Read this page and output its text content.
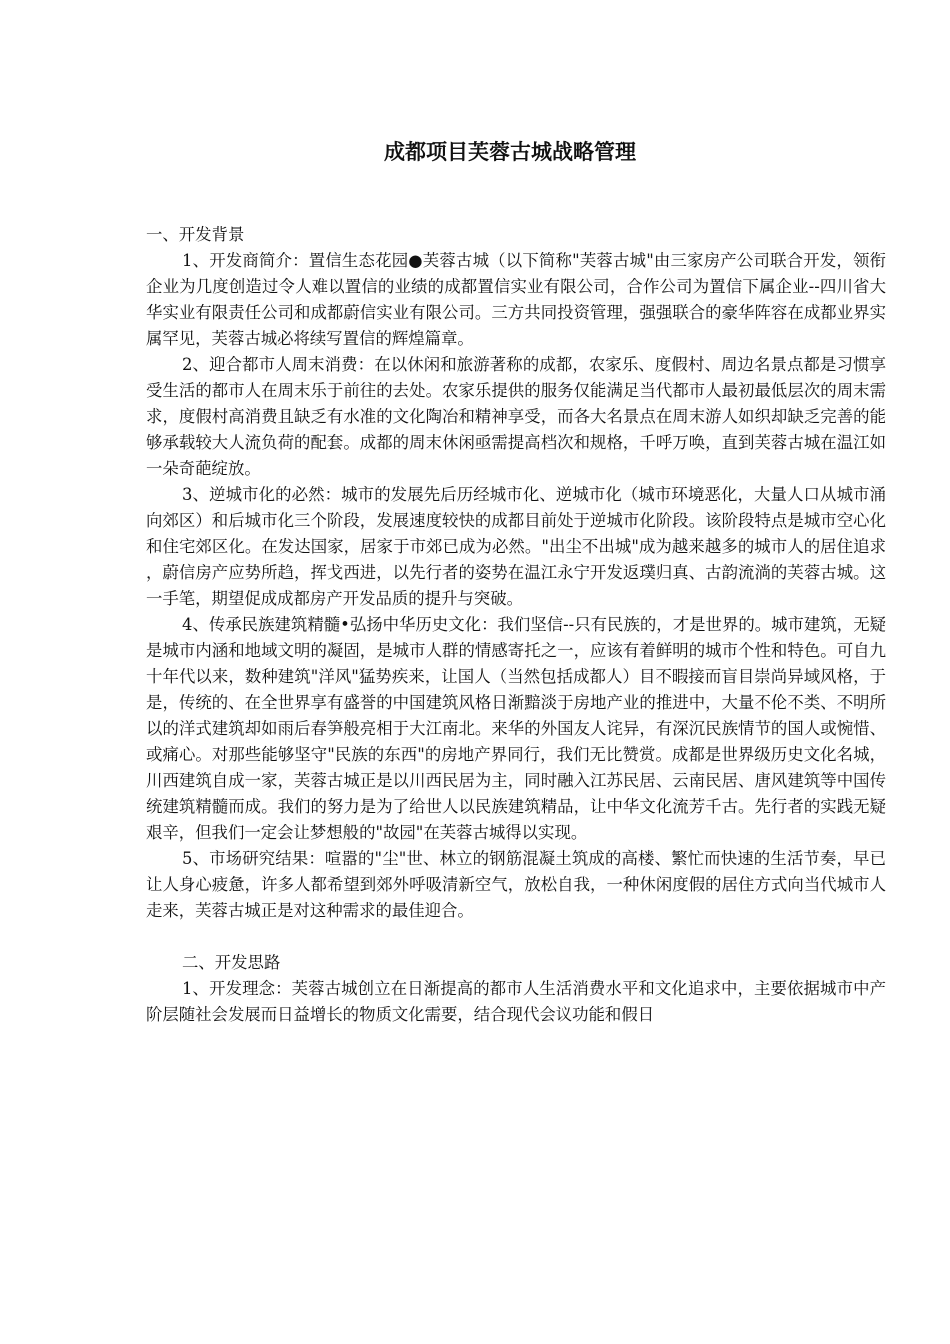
成都项目芙蓉古城战略管理
一、开发背景

1、开发商简介：置信生态花园●芙蓉古城（以下简称"芙蓉古城"由三家房产公司联合开发，领衔企业为几度创造过令人难以置信的业绩的成都置信实业有限公司，合作公司为置信下属企业--四川省大华实业有限责任公司和成都蔚信实业有限公司。三方共同投资管理，强强联合的豪华阵容在成都业界实属罕见，芙蓉古城必将续写置信的辉煌篇章。

2、迎合都市人周末消费：在以休闲和旅游著称的成都，农家乐、度假村、周边名景点都是习惯享受生活的都市人在周末乐于前往的去处。农家乐提供的服务仅能满足当代都市人最初最低层次的周末需求，度假村高消费且缺乏有水准的文化陶冶和精神享受，而各大名景点在周末游人如织却缺乏完善的能够承载较大人流负荷的配套。成都的周末休闲亟需提高档次和规格，千呼万唤，直到芙蓉古城在温江如一朵奇葩绽放。

3、逆城市化的必然：城市的发展先后历经城市化、逆城市化（城市环境恶化，大量人口从城市涌向郊区）和后城市化三个阶段，发展速度较快的成都目前处于逆城市化阶段。该阶段特点是城市空心化和住宅郊区化。在发达国家，居家于市郊已成为必然。"出尘不出城"成为越来越多的城市人的居住追求，蔚信房产应势所趋，挥戈西进，以先行者的姿势在温江永宁开发返璞归真、古韵流淌的芙蓉古城。这一手笔，期望促成成都房产开发品质的提升与突破。

4、传承民族建筑精髓•弘扬中华历史文化：我们坚信--只有民族的，才是世界的。城市建筑，无疑是城市内涵和地域文明的凝固，是城市人群的情感寄托之一，应该有着鲜明的城市个性和特色。可自九十年代以来，数种建筑"洋风"猛势疾来，让国人（当然包括成都人）目不暇接而盲目崇尚异域风格，于是，传统的、在全世界享有盛誉的中国建筑风格日渐黯淡于房地产业的推进中，大量不伦不类、不明所以的洋式建筑却如雨后春笋般亮相于大江南北。来华的外国友人诧异，有深沉民族情节的国人或惋惜、或痛心。对那些能够坚守"民族的东西"的房地产界同行，我们无比赞赏。成都是世界级历史文化名城，川西建筑自成一家，芙蓉古城正是以川西民居为主，同时融入江苏民居、云南民居、唐风建筑等中国传统建筑精髓而成。我们的努力是为了给世人以民族建筑精品，让中华文化流芳千古。先行者的实践无疑艰辛，但我们一定会让梦想般的"故园"在芙蓉古城得以实现。

5、市场研究结果：喧嚣的"尘"世、林立的钢筋混凝土筑成的高楼、繁忙而快速的生活节奏，早已让人身心疲惫，许多人都希望到郊外呼吸清新空气，放松自我，一种休闲度假的居住方式向当代城市人走来，芙蓉古城正是对这种需求的最佳迎合。

二、开发思路

1、开发理念：芙蓉古城创立在日渐提高的都市人生活消费水平和文化追求中，主要依据城市中产阶层随社会发展而日益增长的物质文化需要，结合现代会议功能和假日
